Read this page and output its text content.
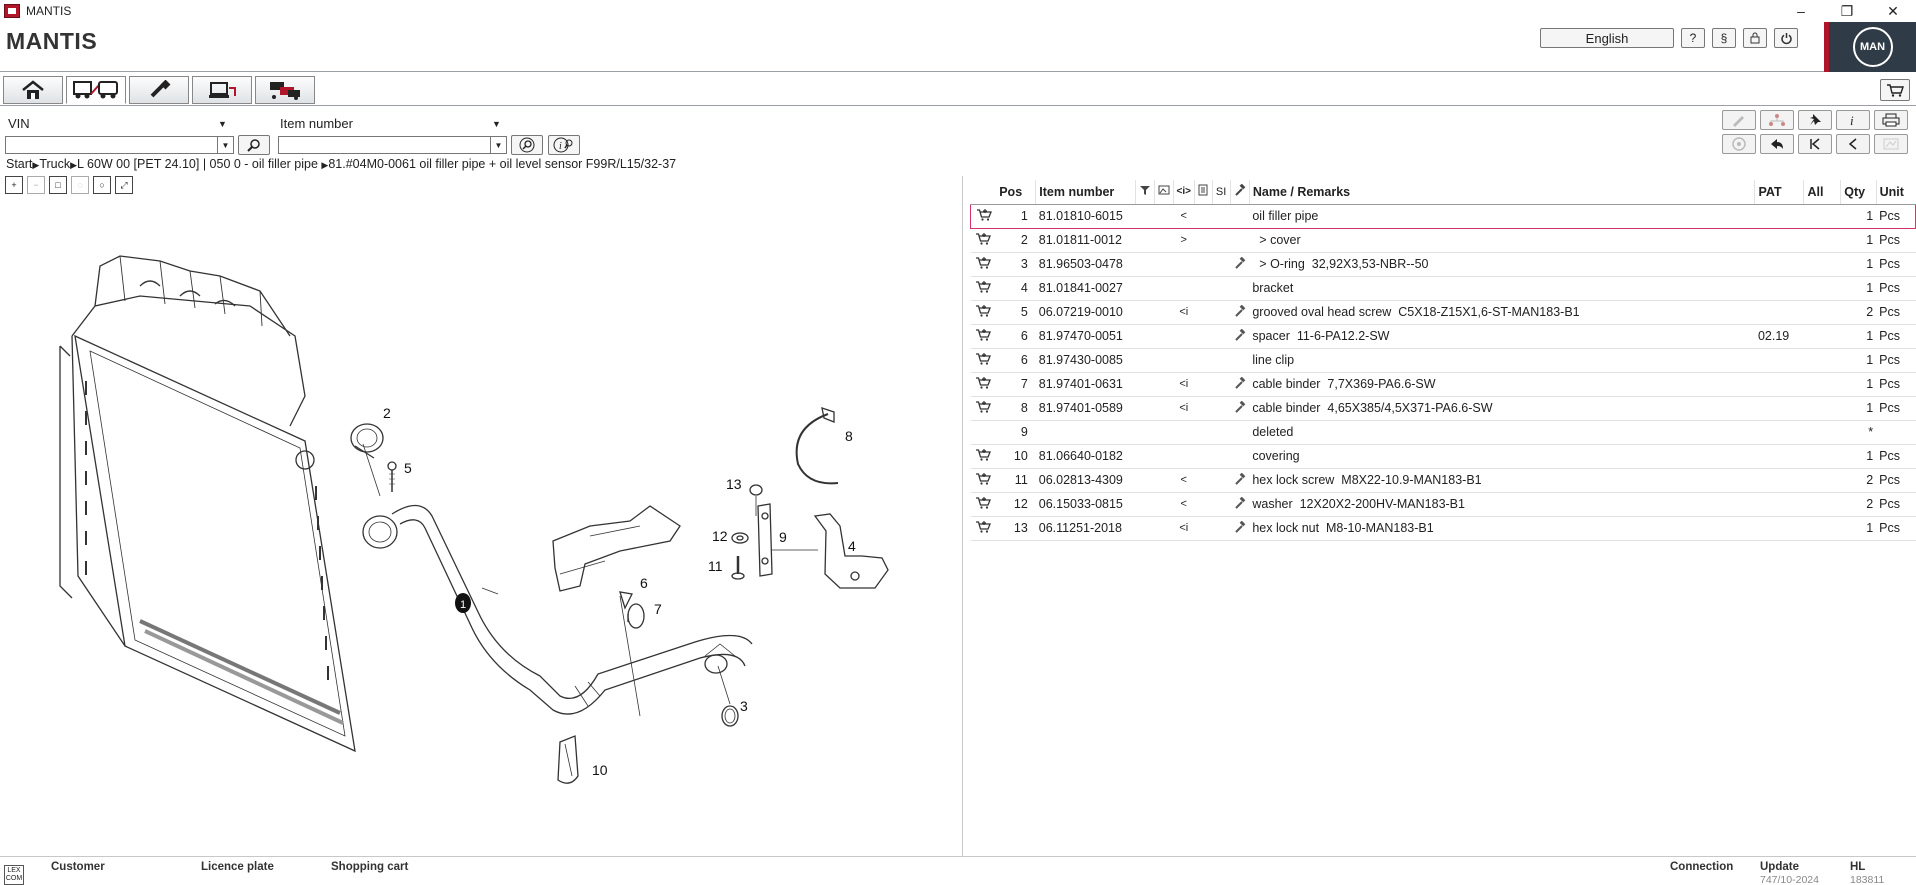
MANTIS	–	❐	✕
MANTIS	English	?	§
MAN
VIN	▼	Item number	▼
▼	▼	i
i
Start▶Truck▶L 60W 00 [PET 24.10] | 050 0 - oil filler pipe ▶81.#04M0-0061 oil filler pipe + oil level sensor F99R/L15/32-37
+	−	□	◌	○	⤢
1
2
3
4
5
6
7
8
9
10
11
12
13
	Pos	Item number			<i>		SI		Name / Remarks	PAT	All	Qty	Unit
	1	81.01810-6015			<				oil filler pipe			1	Pcs
	2	81.01811-0012			>				> cover			1	Pcs
	3	81.96503-0478							> O-ring  32,92X3,53-NBR--50			1	Pcs
	4	81.01841-0027							bracket			1	Pcs
	5	06.07219-0010			<i				grooved oval head screw  C5X18-Z15X1,6-ST-MAN183-B1			2	Pcs
	6	81.97470-0051							spacer  11-6-PA12.2-SW	02.19		1	Pcs
	6	81.97430-0085							line clip			1	Pcs
	7	81.97401-0631			<i				cable binder  7,7X369-PA6.6-SW			1	Pcs
	8	81.97401-0589			<i				cable binder  4,65X385/4,5X371-PA6.6-SW			1	Pcs
	9								deleted			*	
	10	81.06640-0182							covering			1	Pcs
	11	06.02813-4309			<				hex lock screw  M8X22-10.9-MAN183-B1			2	Pcs
	12	06.15033-0815			<				washer  12X20X2-200HV-MAN183-B1			2	Pcs
	13	06.11251-2018			<i				hex lock nut  M8-10-MAN183-B1			1	Pcs
LEX COM
Customer	Licence plate	Shopping cart	Connection Update
747/10-2024
HL
183811
